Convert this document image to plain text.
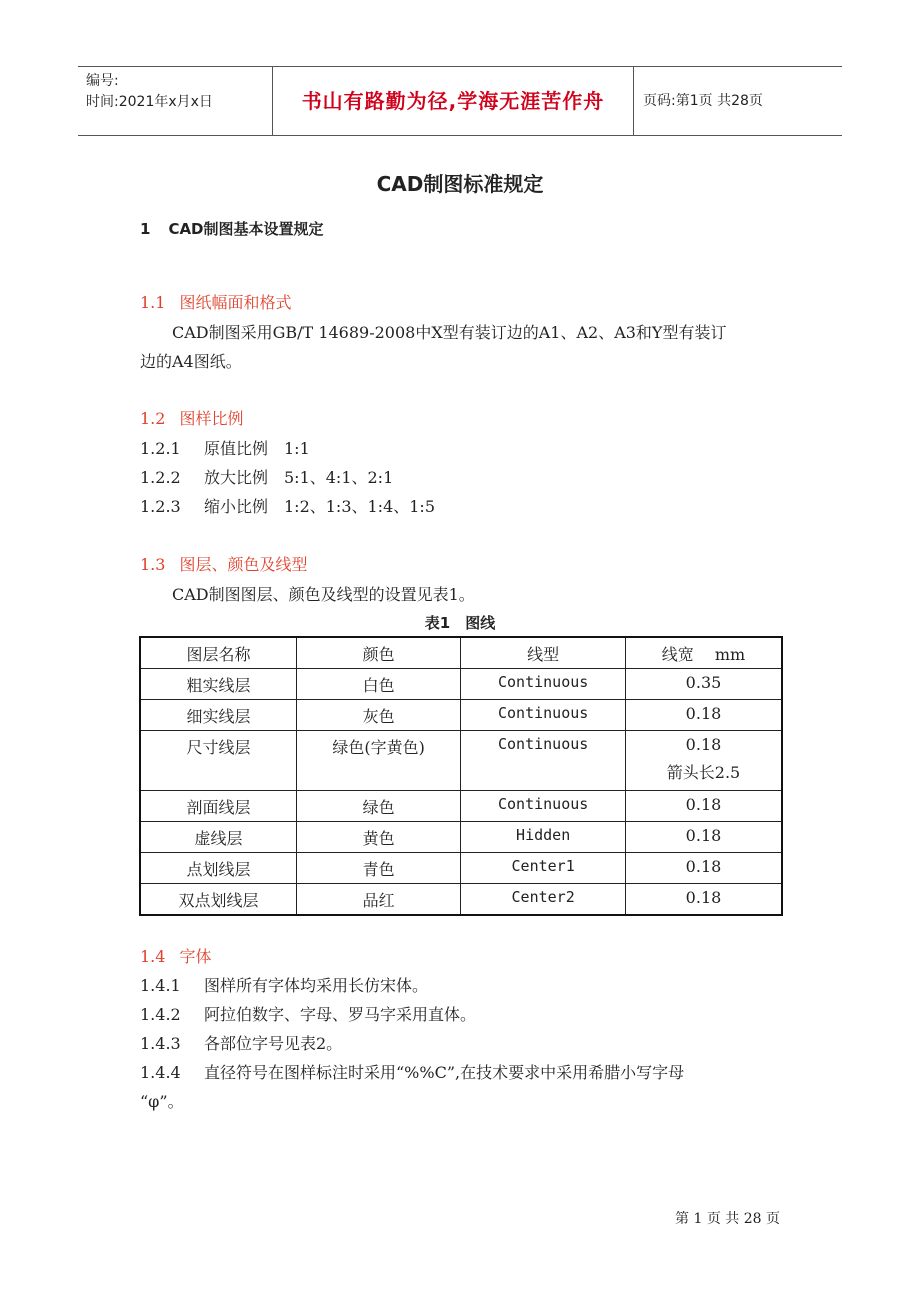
编号:
时间:2021年x月x日	书山有路勤为径,学海无涯苦作舟	页码:第1页 共28页
CAD制图标准规定
1 CAD制图基本设置规定
1.1 图纸幅面和格式
CAD制图采用GB/T 14689-2008中X型有装订边的A1、A2、A3和Y型有装订
边的A4图纸。
1.2 图样比例
1.2.1 原值比例　1:1
1.2.2 放大比例　5:1、4:1、2:1
1.2.3 缩小比例　1:2、1:3、1:4、1:5
1.3 图层、颜色及线型
CAD制图图层、颜色及线型的设置见表1。
表1　图线
图层名称	颜色	线型	线宽　 mm
粗实线层	白色	Continuous	0.35
细实线层	灰色	Continuous	0.18
尺寸线层	绿色(字黄色)	Continuous	0.18
箭头长2.5

剖面线层	绿色	Continuous	0.18
虚线层	黄色	Hidden	0.18
点划线层	青色	Center1	0.18
双点划线层	品红	Center2	0.18
1.4 字体
1.4.1 图样所有字体均采用长仿宋体。
1.4.2 阿拉伯数字、字母、罗马字采用直体。
1.4.3 各部位字号见表2。
1.4.4 直径符号在图样标注时采用“%%C”,在技术要求中采用希腊小写字母
“φ”。
第 1 页 共 28 页
